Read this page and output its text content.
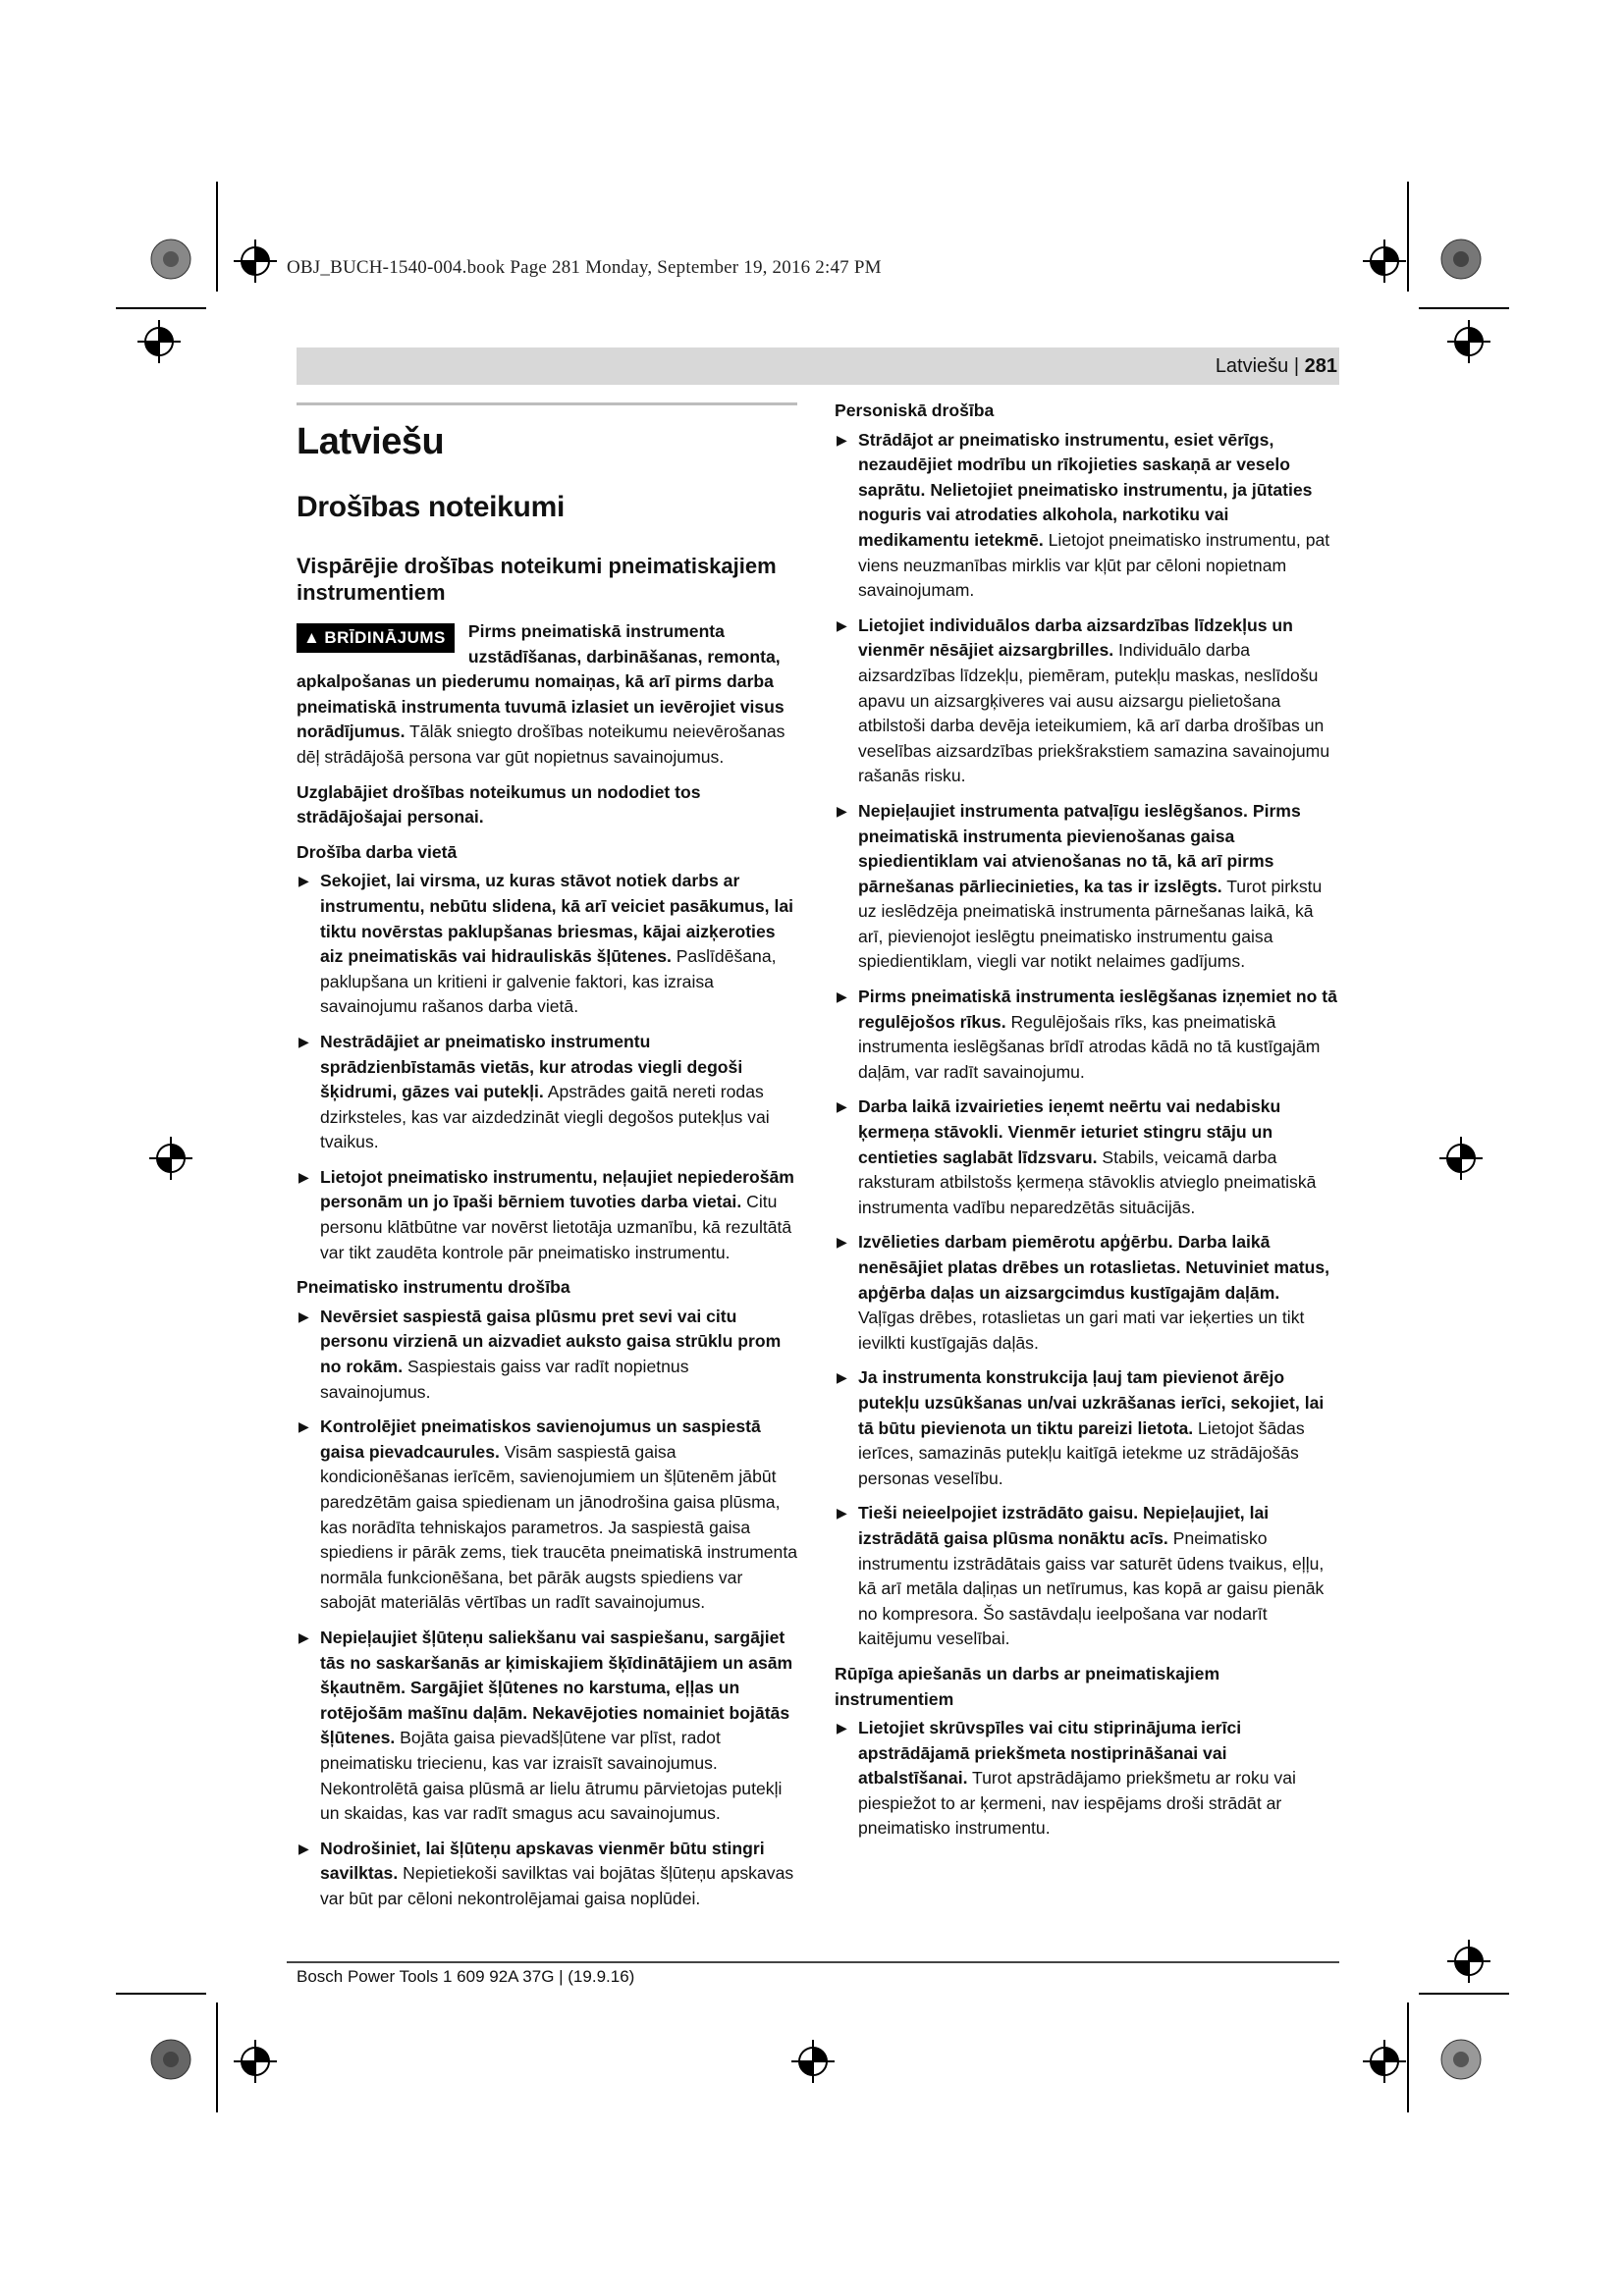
OBJ_BUCH-1540-004.book Page 281 Monday, September 19, 2016 2:47 PM
Latviešu | 281
Latviešu
Drošības noteikumi
Vispārējie drošības noteikumi pneimatiskajiem instrumentiem
▲ BRĪDINĀJUMS	Pirms pneimatiskā instrumenta uzstādīšanas, darbināšanas, remonta, apkalpošanas un piederumu nomaiņas, kā arī pirms darba pneimatiskā instrumenta tuvumā izlasiet un ievērojiet visus norādījumus. Tālāk sniegto drošības noteikumu neievērošanas dēļ strādājošā persona var gūt nopietnus savainojumus.

Uzglabājiet drošības noteikumus un nododiet tos strādājošajai personai.

Drošība darba vietā
▶ Sekojiet, lai virsma, uz kuras stāvot notiek darbs ar instrumentu, nebūtu slidena, kā arī veiciet pasākumus, lai tiktu novērstas paklupšanas briesmas, kājai aizķeroties aiz pneimatiskās vai hidrauliskās šļūtenes. Paslīdēšana, paklupšana un kritieni ir galvenie faktori, kas izraisa savainojumu rašanos darba vietā.
▶ Nestrādājiet ar pneimatisko instrumentu sprādzienbīstamās vietās, kur atrodas viegli degoši šķidrumi, gāzes vai putekļi. Apstrādes gaitā nereti rodas dzirksteles, kas var aizdedzināt viegli degošos putekļus vai tvaikus.
▶ Lietojot pneimatisko instrumentu, neļaujiet nepiederošām personām un jo īpaši bērniem tuvoties darba vietai. Citu personu klātbūtne var novērst lietotāja uzmanību, kā rezultātā var tikt zaudēta kontrole pār pneimatisko instrumentu.
Pneimatisko instrumentu drošība
▶ Nevērsiet saspiestā gaisa plūsmu pret sevi vai citu personu virzienā un aizvadiet auksto gaisa strūklu prom no rokām. Saspiestais gaiss var radīt nopietnus savainojumus.
▶ Kontrolējiet pneimatiskos savienojumus un saspiestā gaisa pievadcaurules. Visām saspiestā gaisa kondicionēšanas ierīcēm, savienojumiem un šļūtenēm jābūt paredzētām gaisa spiedienam un jānodrošina gaisa plūsma, kas norādīta tehniskajos parametros. Ja saspiestā gaisa spiediens ir pārāk zems, tiek traucēta pneimatiskā instrumenta normāla funkcionēšana, bet pārāk augsts spiediens var sabojāt materiālās vērtības un radīt savainojumus.
▶ Nepieļaujiet šļūteņu saliekšanu vai saspiešanu, sargājiet tās no saskaršanās ar ķimiskajiem šķīdinātājiem un asām šķautnēm. Sargājiet šļūtenes no karstuma, eļļas un rotējošām mašīnu daļām. Nekavējoties nomainiet bojātās šļūtenes. Bojāta gaisa pievadšļūtene var plīst, radot pneimatisku triecienu, kas var izraisīt savainojumus. Nekontrolētā gaisa plūsmā ar lielu ātrumu pārvietojas putekļi un skaidas, kas var radīt smagus acu savainojumus.
▶ Nodrošiniet, lai šļūteņu apskavas vienmēr būtu stingri savilktas. Nepietiekoši savilktas vai bojātas šļūteņu apskavas var būt par cēloni nekontrolējamai gaisa noplūdei.
Personiskā drošība
▶ Strādājot ar pneimatisko instrumentu, esiet vērīgs, nezaudējiet modrību un rīkojieties saskaņā ar veselo saprātu. Nelietojiet pneimatisko instrumentu, ja jūtaties noguris vai atrodaties alkohola, narkotiku vai medikamentu ietekmē. Lietojot pneimatisko instrumentu, pat viens neuzmanības mirklis var kļūt par cēloni nopietnam savainojumam.
▶ Lietojiet individuālos darba aizsardzības līdzekļus un vienmēr nēsājiet aizsargbrilles. Individuālo darba aizsardzības līdzekļu, piemēram, putekļu maskas, neslīdošu apavu un aizsargķiveres vai ausu aizsargu pielietošana atbilstoši darba devēja ieteikumiem, kā arī darba drošības un veselības aizsardzības priekšrakstiem samazina savainojumu rašanās risku.
▶ Nepieļaujiet instrumenta patvaļīgu ieslēgšanos. Pirms pneimatiskā instrumenta pievienošanas gaisa spiedientiklam vai atvienošanas no tā, kā arī pirms pārnešanas pārliecinieties, ka tas ir izslēgts. Turot pirkstu uz ieslēdzēja pneimatiskā instrumenta pārnešanas laikā, kā arī, pievienojot ieslēgtu pneimatisko instrumentu gaisa spiedientiklam, viegli var notikt nelaimes gadījums.
▶ Pirms pneimatiskā instrumenta ieslēgšanas izņemiet no tā regulējošos rīkus. Regulējošais rīks, kas pneimatiskā instrumenta ieslēgšanas brīdī atrodas kādā no tā kustīgajām daļām, var radīt savainojumu.
▶ Darba laikā izvairieties ieņemt neērtu vai nedabisku ķermeņa stāvokli. Vienmēr ieturiet stingru stāju un centieties saglabāt līdzsvaru. Stabils, veicamā darba raksturam atbilstošs ķermeņa stāvoklis atvieglo pneimatiskā instrumenta vadību neparedzētās situācijās.
▶ Izvēlieties darbam piemērotu apģērbu. Darba laikā nenēsājiet platas drēbes un rotaslietas. Netuviniet matus, apģērba daļas un aizsargcimdus kustīgajām daļām. Vaļīgas drēbes, rotaslietas un gari mati var ieķerties un tikt ievilkti kustīgajās daļās.
▶ Ja instrumenta konstrukcija ļauj tam pievienot ārējo putekļu uzsūkšanas un/vai uzkrāšanas ierīci, sekojiet, lai tā būtu pievienota un tiktu pareizi lietota. Lietojot šādas ierīces, samazinās putekļu kaitīgā ietekme uz strādājošās personas veselību.
▶ Tieši neieelpojiet izstrādāto gaisu. Nepieļaujiet, lai izstrādātā gaisa plūsma nonāktu acīs. Pneimatisko instrumentu izstrādātais gaiss var saturēt ūdens tvaikus, eļļu, kā arī metāla daļiņas un netīrumus, kas kopā ar gaisu pienāk no kompresora. Šo sastāvdaļu ieelpošana var nodarīt kaitējumu veselībai.
Rūpīga apiešanās un darbs ar pneimatiskajiem instrumentiem
▶ Lietojiet skrūvspīles vai citu stiprinājuma ierīci apstrādājamā priekšmeta nostiprināšanai vai atbalstīšanai. Turot apstrādājamo priekšmetu ar roku vai piespiežot to ar ķermeni, nav iespējams droši strādāt ar pneimatisko instrumentu.
Bosch Power Tools 1 609 92A 37G | (19.9.16)
